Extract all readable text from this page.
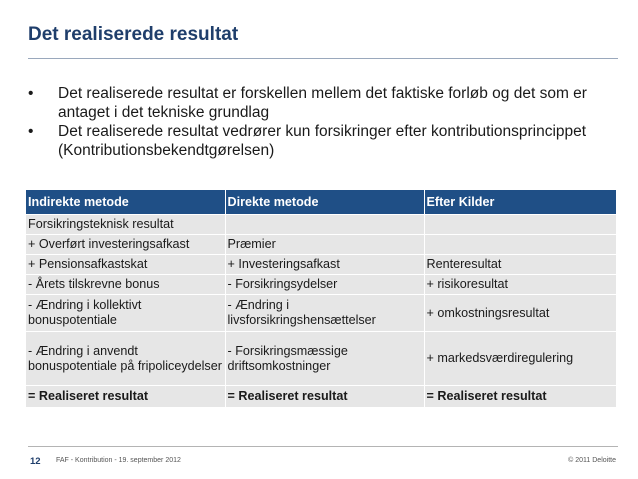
Det realiserede resultat
•	Det realiserede resultat er forskellen mellem det faktiske forløb og det som er antaget i det tekniske grundlag
•	Det realiserede resultat vedrører kun forsikringer efter kontributionsprincippet (Kontributionsbekendtgørelsen)
Indirekte metode	Direkte metode	Efter Kilder
Forsikringsteknisk resultat		
+ Overført investeringsafkast	Præmier	
+ Pensionsafkastskat	+ Investeringsafkast	Renteresultat
- Årets tilskrevne bonus	- Forsikringsydelser	+ risikoresultat
- Ændring i kollektivt bonuspotentiale	- Ændring i livsforsikringshensættelser	+ omkostningsresultat
- Ændring i anvendt bonuspotentiale på fripoliceydelser	- Forsikringsmæssige driftsomkostninger	+ markedsværdiregulering
= Realiseret resultat	= Realiseret resultat	= Realiseret resultat
12 FAF - Kontribution - 19. september 2012	© 2011 Deloitte
